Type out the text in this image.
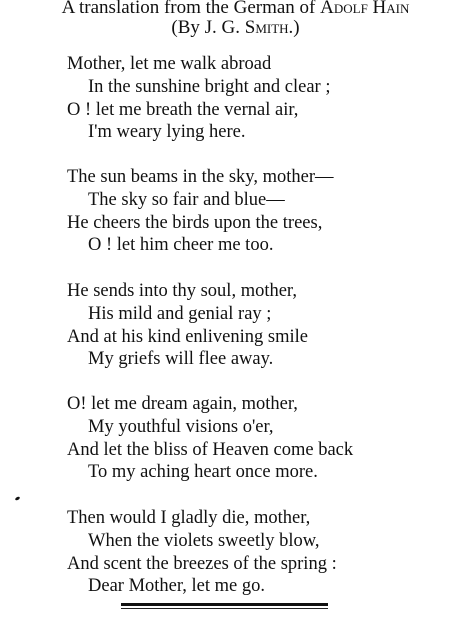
A translation from the German of Adolf Hain
(By J. G. Smith.)
Mother, let me walk abroad
In the sunshine bright and clear ;
O ! let me breath the vernal air,
I'm weary lying here.
The sun beams in the sky, mother—
The sky so fair and blue—
He cheers the birds upon the trees,
O ! let him cheer me too.
He sends into thy soul, mother,
His mild and genial ray ;
And at his kind enlivening smile
My griefs will flee away.
O! let me dream again, mother,
My youthful visions o'er,
And let the bliss of Heaven come back
To my aching heart once more.
Then would I gladly die, mother,
When the violets sweetly blow,
And scent the breezes of the spring :
Dear Mother, let me go.
